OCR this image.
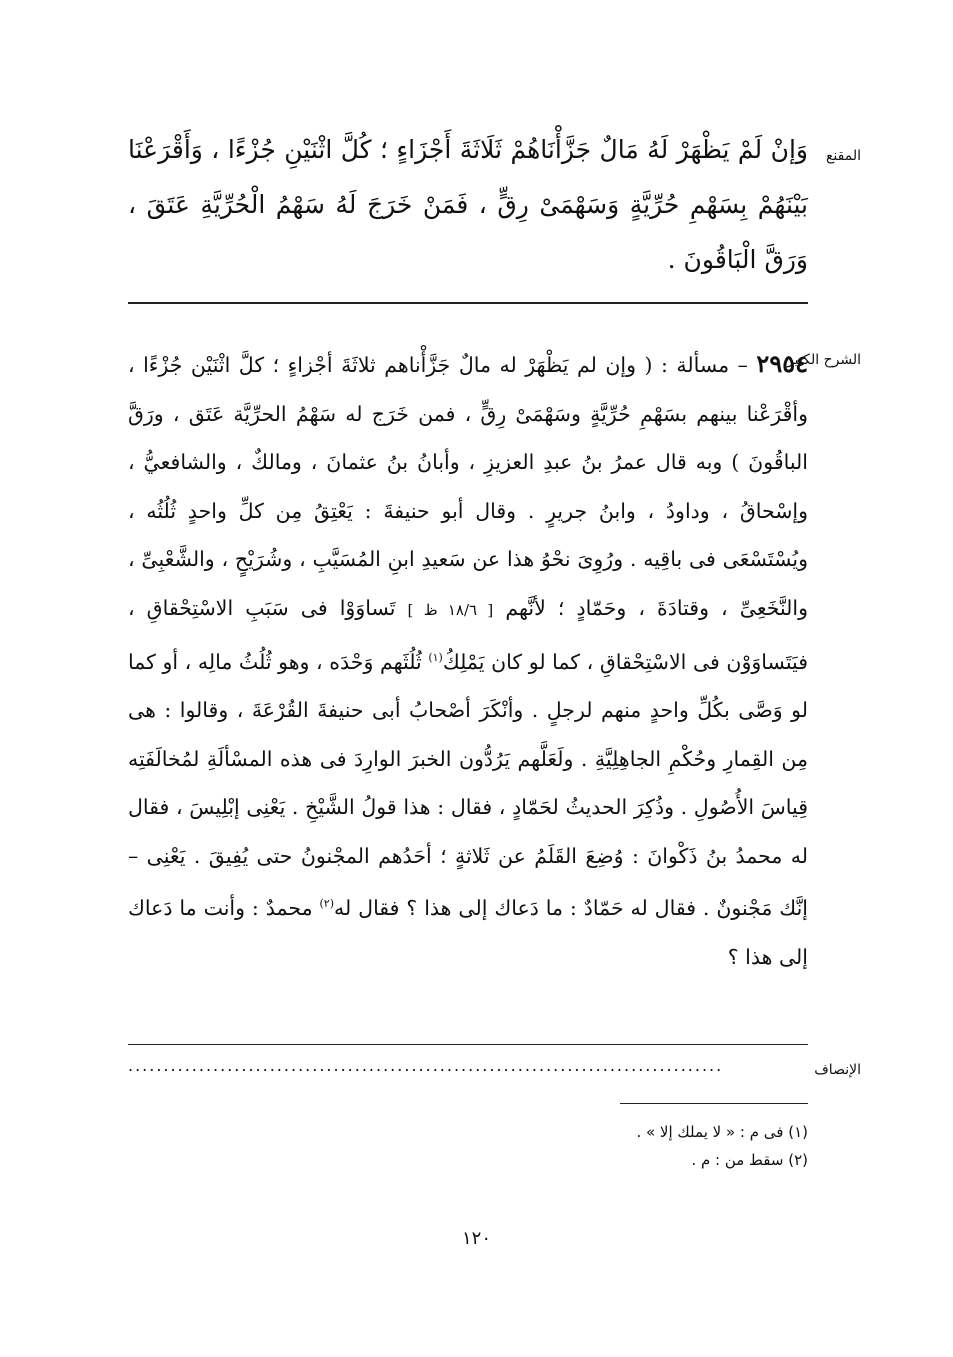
المقنع
وَإنْ لَمْ يَظْهَرْ لَهُ مَالٌ جَزَّأْنَاهُمْ ثَلَاثَةَ أَجْزَاءٍ ؛ كُلَّ اثْنَيْنِ جُزْءًا ، وَأَقْرَعْنَا بَيْنَهُمْ بِسَهْمِ حُرِّيَّةٍ وَسَهْمَىْ رِقٍّ ، فَمَنْ خَرَجَ لَهُ سَهْمُ الْحُرِّيَّةِ عَتَقَ ، وَرَقَّ الْبَاقُونَ .
الشرح الكبير
٢٩٥٤ – مسألة : ( وإن لم يَظْهَرْ له مالٌ جَزَّأْناهم ثلاثَةَ أجْزاءٍ ؛ كلَّ اثْنَيْن جُزْءًا ، وأقْرَعْنا بينهم بسَهْمِ حُرِّيَّةٍ وسَهْمَىْ رِقٍّ ، فمن خَرَج له سَهْمُ الحرِّيَّة عَتَق ، ورَقَّ الباقُونَ ) وبه قال عمرُ بنُ عبدِ العزيزِ ، وأبانُ بنُ عثمانَ ، ومالكٌ ، والشافعيُّ ، وإسْحاقُ ، وداودُ ، وابنُ جريرٍ . وقال أبو حنيفةَ : يَعْتِقُ مِن كلِّ واحدٍ ثُلُثُه ، ويُسْتَسْعَى فى باقِيه . ورُوِىَ نحْوُ هذا عن سَعيدِ ابنِ المُسَيَّبِ ، وشُرَيْحٍ ، والشَّعْبِىِّ ، والنَّخَعِىِّ ، وقتادَةَ ، وحَمّادٍ ؛ لأنَّهم [ ١٨/٦ ظ ] تَساوَوْا فى سَبَبِ الاسْتِحْقاقِ ، فيَتَساوَوْن فى الاسْتِحْقاقِ ، كما لو كان يَمْلِكُ$^{(١)}$ ثُلُثَهم وَحْدَه ، وهو ثُلُثُ مالِه ، أو كما لو وَصَّى بكُلِّ واحدٍ منهم لرجلٍ . وأنْكَرَ أصْحابُ أبى حنيفةَ القُرْعَةَ ، وقالوا : هى مِن القِمارِ وحُكْمِ الجاهِلِيَّةِ . ولَعَلَّهم يَرُدُّون الخبرَ الوارِدَ فى هذه المسْألَةِ لمُخالَفَتِه قِياسَ الأُصُولِ . وذُكِرَ الحديثُ لحَمّادٍ ، فقال : هذا قولُ الشَّيْخِ . يَعْنِى إبْلِيسَ ، فقال له محمدُ بنُ ذَكْوانَ : وُضِعَ القَلَمُ عن ثَلاثةٍ ؛ أحَدُهم المجْنونُ حتى يُفِيقَ . يَعْنِى – إنَّك مَجْنونٌ . فقال له حَمّادٌ : ما دَعاك إلى هذا ؟ فقال له$^{(٢)}$ محمدٌ : وأنت ما دَعاك إلى هذا ؟
الإنصاف
....................................................................................
(١) فى م : « لا يملك إلا » .
(٢) سقط من : م .
١٢٠
